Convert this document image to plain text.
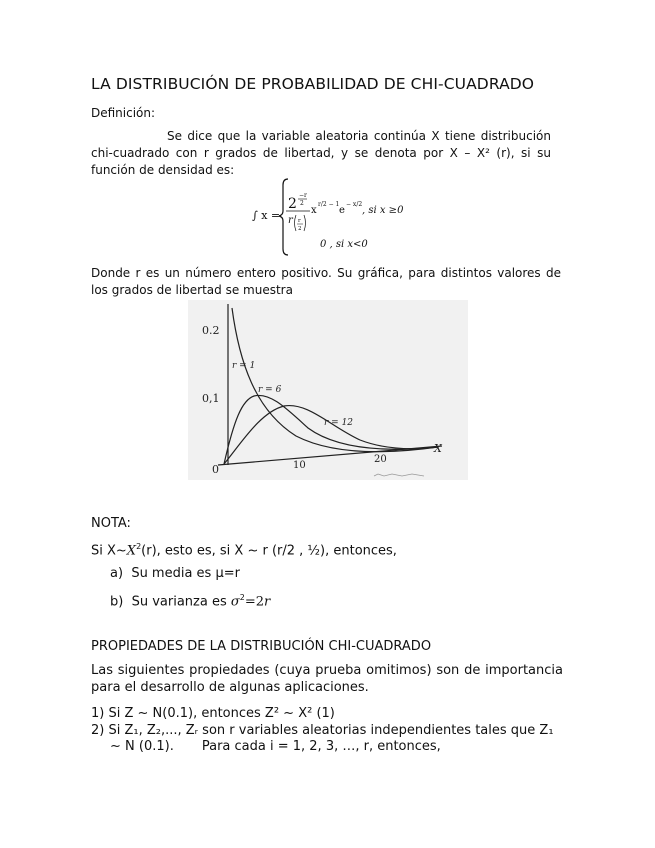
LA DISTRIBUCIÓN DE PROBABILIDAD DE CHI-CUADRADO
Definición:
Se dice que la variable aleatoria continúa X tiene distribución chi-cuadrado con r grados de libertad, y se denota por X – X² (r), si su función de densidad es:
∫ x =
2
−r
2
r r
2
x
r/2 − 1
e
− x/2
, si x ≥0
0 , si x<0
Donde r es un número entero positivo. Su gráfica, para distintos valores de los grados de libertad se muestra
0.2
0,1
0	10
20
X
r = 1
r = 6
r = 12
NOTA:
Si $X\sim X^2(r)$, esto es, si X ~ r (r/2 , ½), entonces,
a) Su media es μ=r
b) Su varianza es $\sigma^2=2r$
PROPIEDADES DE LA DISTRIBUCIÓN CHI-CUADRADO
Las siguientes propiedades (cuya prueba omitimos) son de importancia para el desarrollo de algunas aplicaciones.
1) Si Z ~ N(0.1), entonces Z² ~ X² (1)
2) Si Z₁, Z₂,..., Zᵣ son r variables aleatorias independientes tales que Z₁
~ N (0.1). Para cada i = 1, 2, 3, …, r, entonces,
